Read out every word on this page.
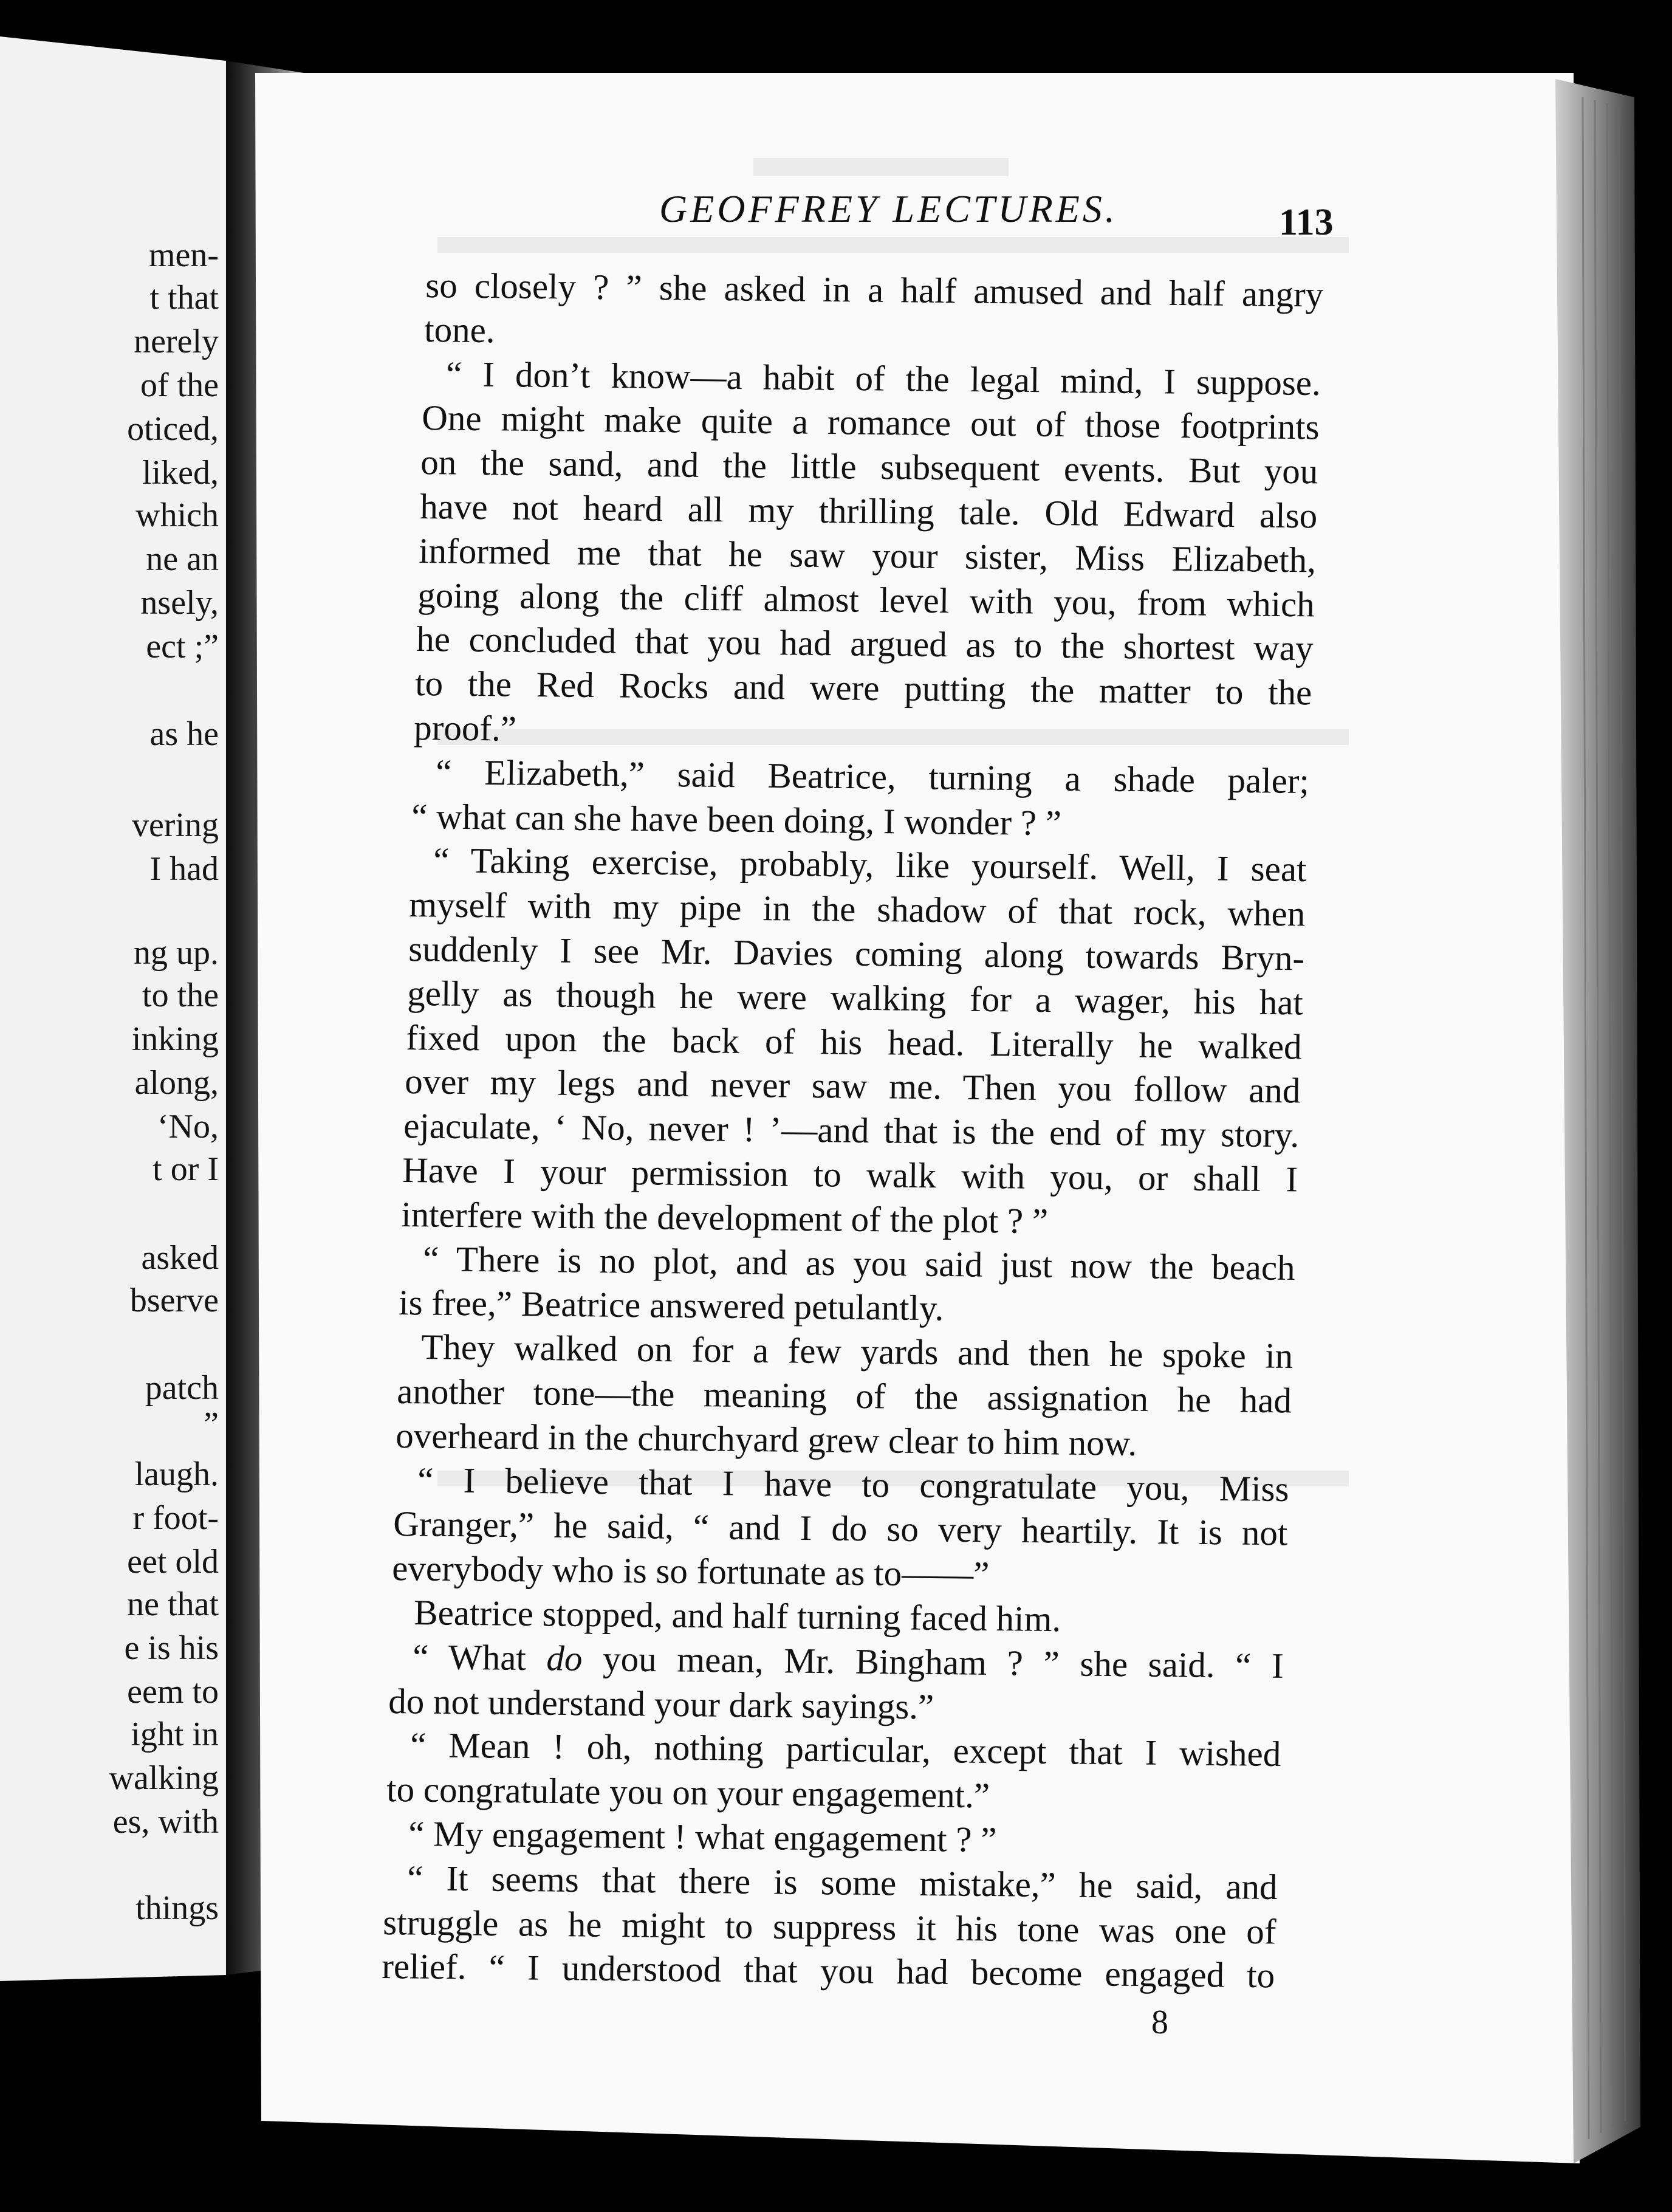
men-
t that
nerely
of the
oticed,
liked,
which
ne an
nsely,
ect ;”
as he
vering
I had
ng up.
to the
inking
along,
‘No,
t or I
asked
bserve
patch
”
laugh.
r foot-
eet old
ne that
e is his
eem to
ight in
walking
es, with
things
GEOFFREY LECTURES.	113
so closely ? ” she asked in a half amused and half angry
tone.
“ I don’t know—a habit of the legal mind, I suppose.
One might make quite a romance out of those footprints
on the sand, and the little subsequent events. But you
have not heard all my thrilling tale. Old Edward also
informed me that he saw your sister, Miss Elizabeth,
going along the cliff almost level with you, from which
he concluded that you had argued as to the shortest way
to the Red Rocks and were putting the matter to the
proof.”
“ Elizabeth,” said Beatrice, turning a shade paler;
“ what can she have been doing, I wonder ? ”
“ Taking exercise, probably, like yourself. Well, I seat
myself with my pipe in the shadow of that rock, when
suddenly I see Mr. Davies coming along towards Bryn-
gelly as though he were walking for a wager, his hat
fixed upon the back of his head. Literally he walked
over my legs and never saw me. Then you follow and
ejaculate, ‘ No, never ! ’—and that is the end of my story.
Have I your permission to walk with you, or shall I
interfere with the development of the plot ? ”
“ There is no plot, and as you said just now the beach
is free,” Beatrice answered petulantly.
They walked on for a few yards and then he spoke in
another tone—the meaning of the assignation he had
overheard in the churchyard grew clear to him now.
“ I believe that I have to congratulate you, Miss
Granger,” he said, “ and I do so very heartily. It is not
everybody who is so fortunate as to——”
Beatrice stopped, and half turning faced him.
“ What do you mean, Mr. Bingham ? ” she said. “ I
do not understand your dark sayings.”
“ Mean ! oh, nothing particular, except that I wished
to congratulate you on your engagement.”
“ My engagement ! what engagement ? ”
“ It seems that there is some mistake,” he said, and
struggle as he might to suppress it his tone was one of
relief. “ I understood that you had become engaged to
8
